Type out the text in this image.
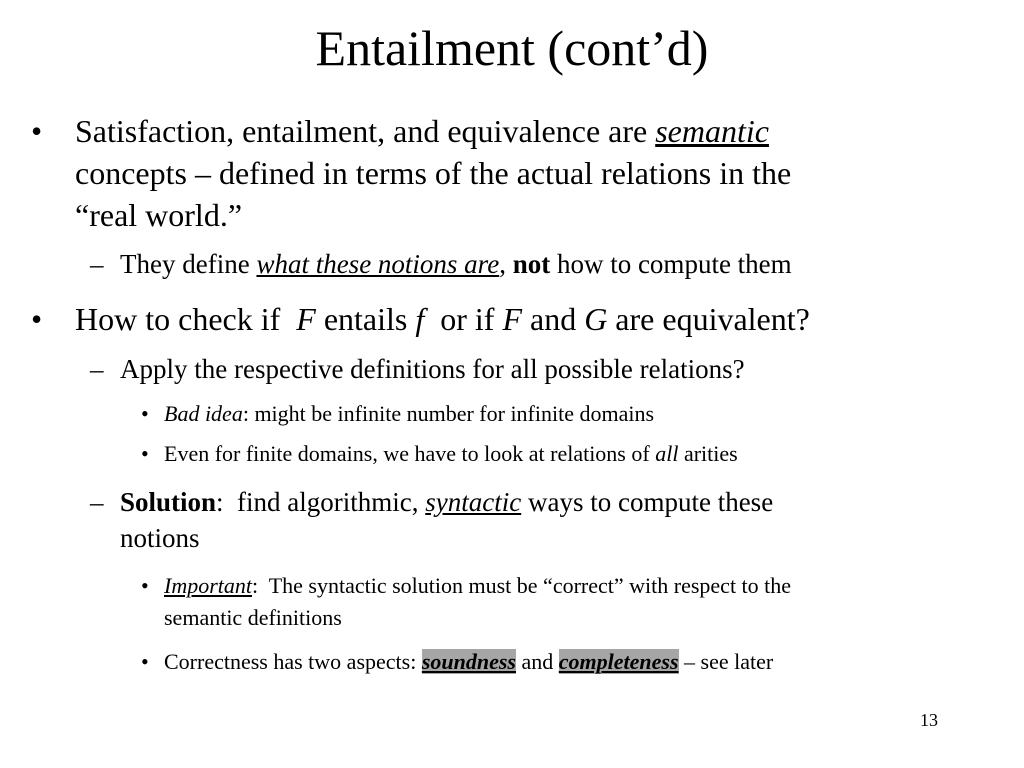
Entailment (cont’d)
• Satisfaction, entailment, and equivalence are semantic
concepts – defined in terms of the actual relations in the
“real world.”
– They define what these notions are, not how to compute them
• How to check if  F entails f  or if F and G are equivalent?
– Apply the respective definitions for all possible relations?
• Bad idea: might be infinite number for infinite domains
• Even for finite domains, we have to look at relations of all arities
– Solution:  find algorithmic, syntactic ways to compute these
notions
• Important:  The syntactic solution must be “correct” with respect to the
semantic definitions
• Correctness has two aspects: soundness and completeness – see later
13
